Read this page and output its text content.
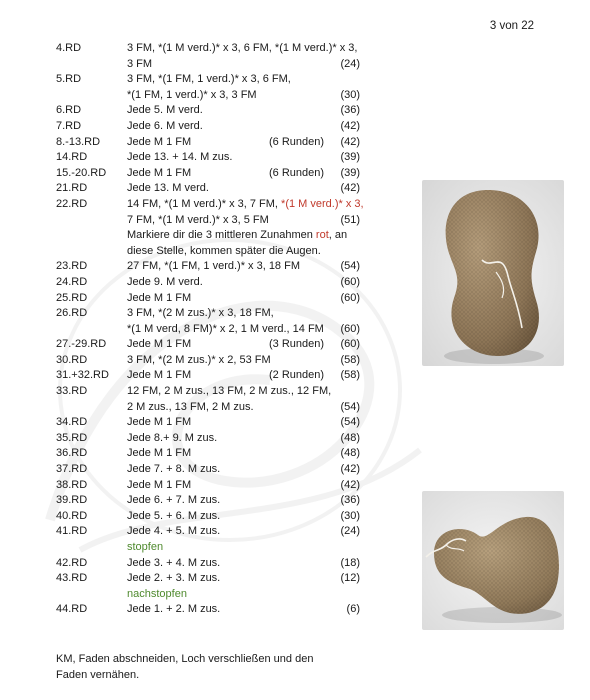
3 von 22
4.RD	3 FM, *(1 M verd.)* x 3, 6 FM, *(1 M verd.)* x 3,
3 FM	(24)
5.RD	3 FM, *(1 FM, 1 verd.)* x 3, 6 FM,
*(1 FM, 1 verd.)* x 3, 3 FM	(30)
6.RD	Jede 5. M verd.	(36)
7.RD	Jede 6. M verd.	(42)
8.-13.RD Jede M 1 FM	(6 Runden) (42)
14.RD	Jede 13. + 14. M zus.	(39)
15.-20.RD Jede M 1 FM	(6 Runden) (39)
21.RD	Jede 13. M verd.	(42)
22.RD	14 FM, *(1 M verd.)* x 3, 7 FM, *(1 M verd.)* x 3,
7 FM, *(1 M verd.)* x 3, 5 FM	(51)
Markiere dir die 3 mittleren Zunahmen rot, an
diese Stelle, kommen später die Augen.
23.RD	27 FM, *(1 FM, 1 verd.)* x 3, 18 FM	(54)
24.RD	Jede 9. M verd.	(60)
25.RD	Jede M 1 FM	(60)
26.RD	3 FM, *(2 M zus.)* x 3, 18 FM,
*(1 M verd, 8 FM)* x 2, 1 M verd., 14 FM (60)
27.-29.RD Jede M 1 FM	(3 Runden) (60)
30.RD	3 FM, *(2 M zus.)* x 2, 53 FM	(58)
31.+32.RD Jede M 1 FM	(2 Runden) (58)
33.RD	12 FM, 2 M zus., 13 FM, 2 M zus., 12 FM,
2 M zus., 13 FM, 2 M zus.	(54)
34.RD	Jede M 1 FM	(54)
35.RD	Jede 8.+ 9. M zus.	(48)
36.RD	Jede M 1 FM	(48)
37.RD	Jede 7. + 8. M zus.	(42)
38.RD	Jede M 1 FM	(42)
39.RD	Jede 6. + 7. M zus.	(36)
40.RD	Jede 5. + 6. M zus.	(30)
41.RD	Jede 4. + 5. M zus.	(24)
stopfen
42.RD	Jede 3. + 4. M zus.	(18)
43.RD	Jede 2. + 3. M zus.	(12)
nachstopfen
44.RD	Jede 1. + 2. M zus.	(6)
KM, Faden abschneiden, Loch verschließen und den
Faden vernähen.
